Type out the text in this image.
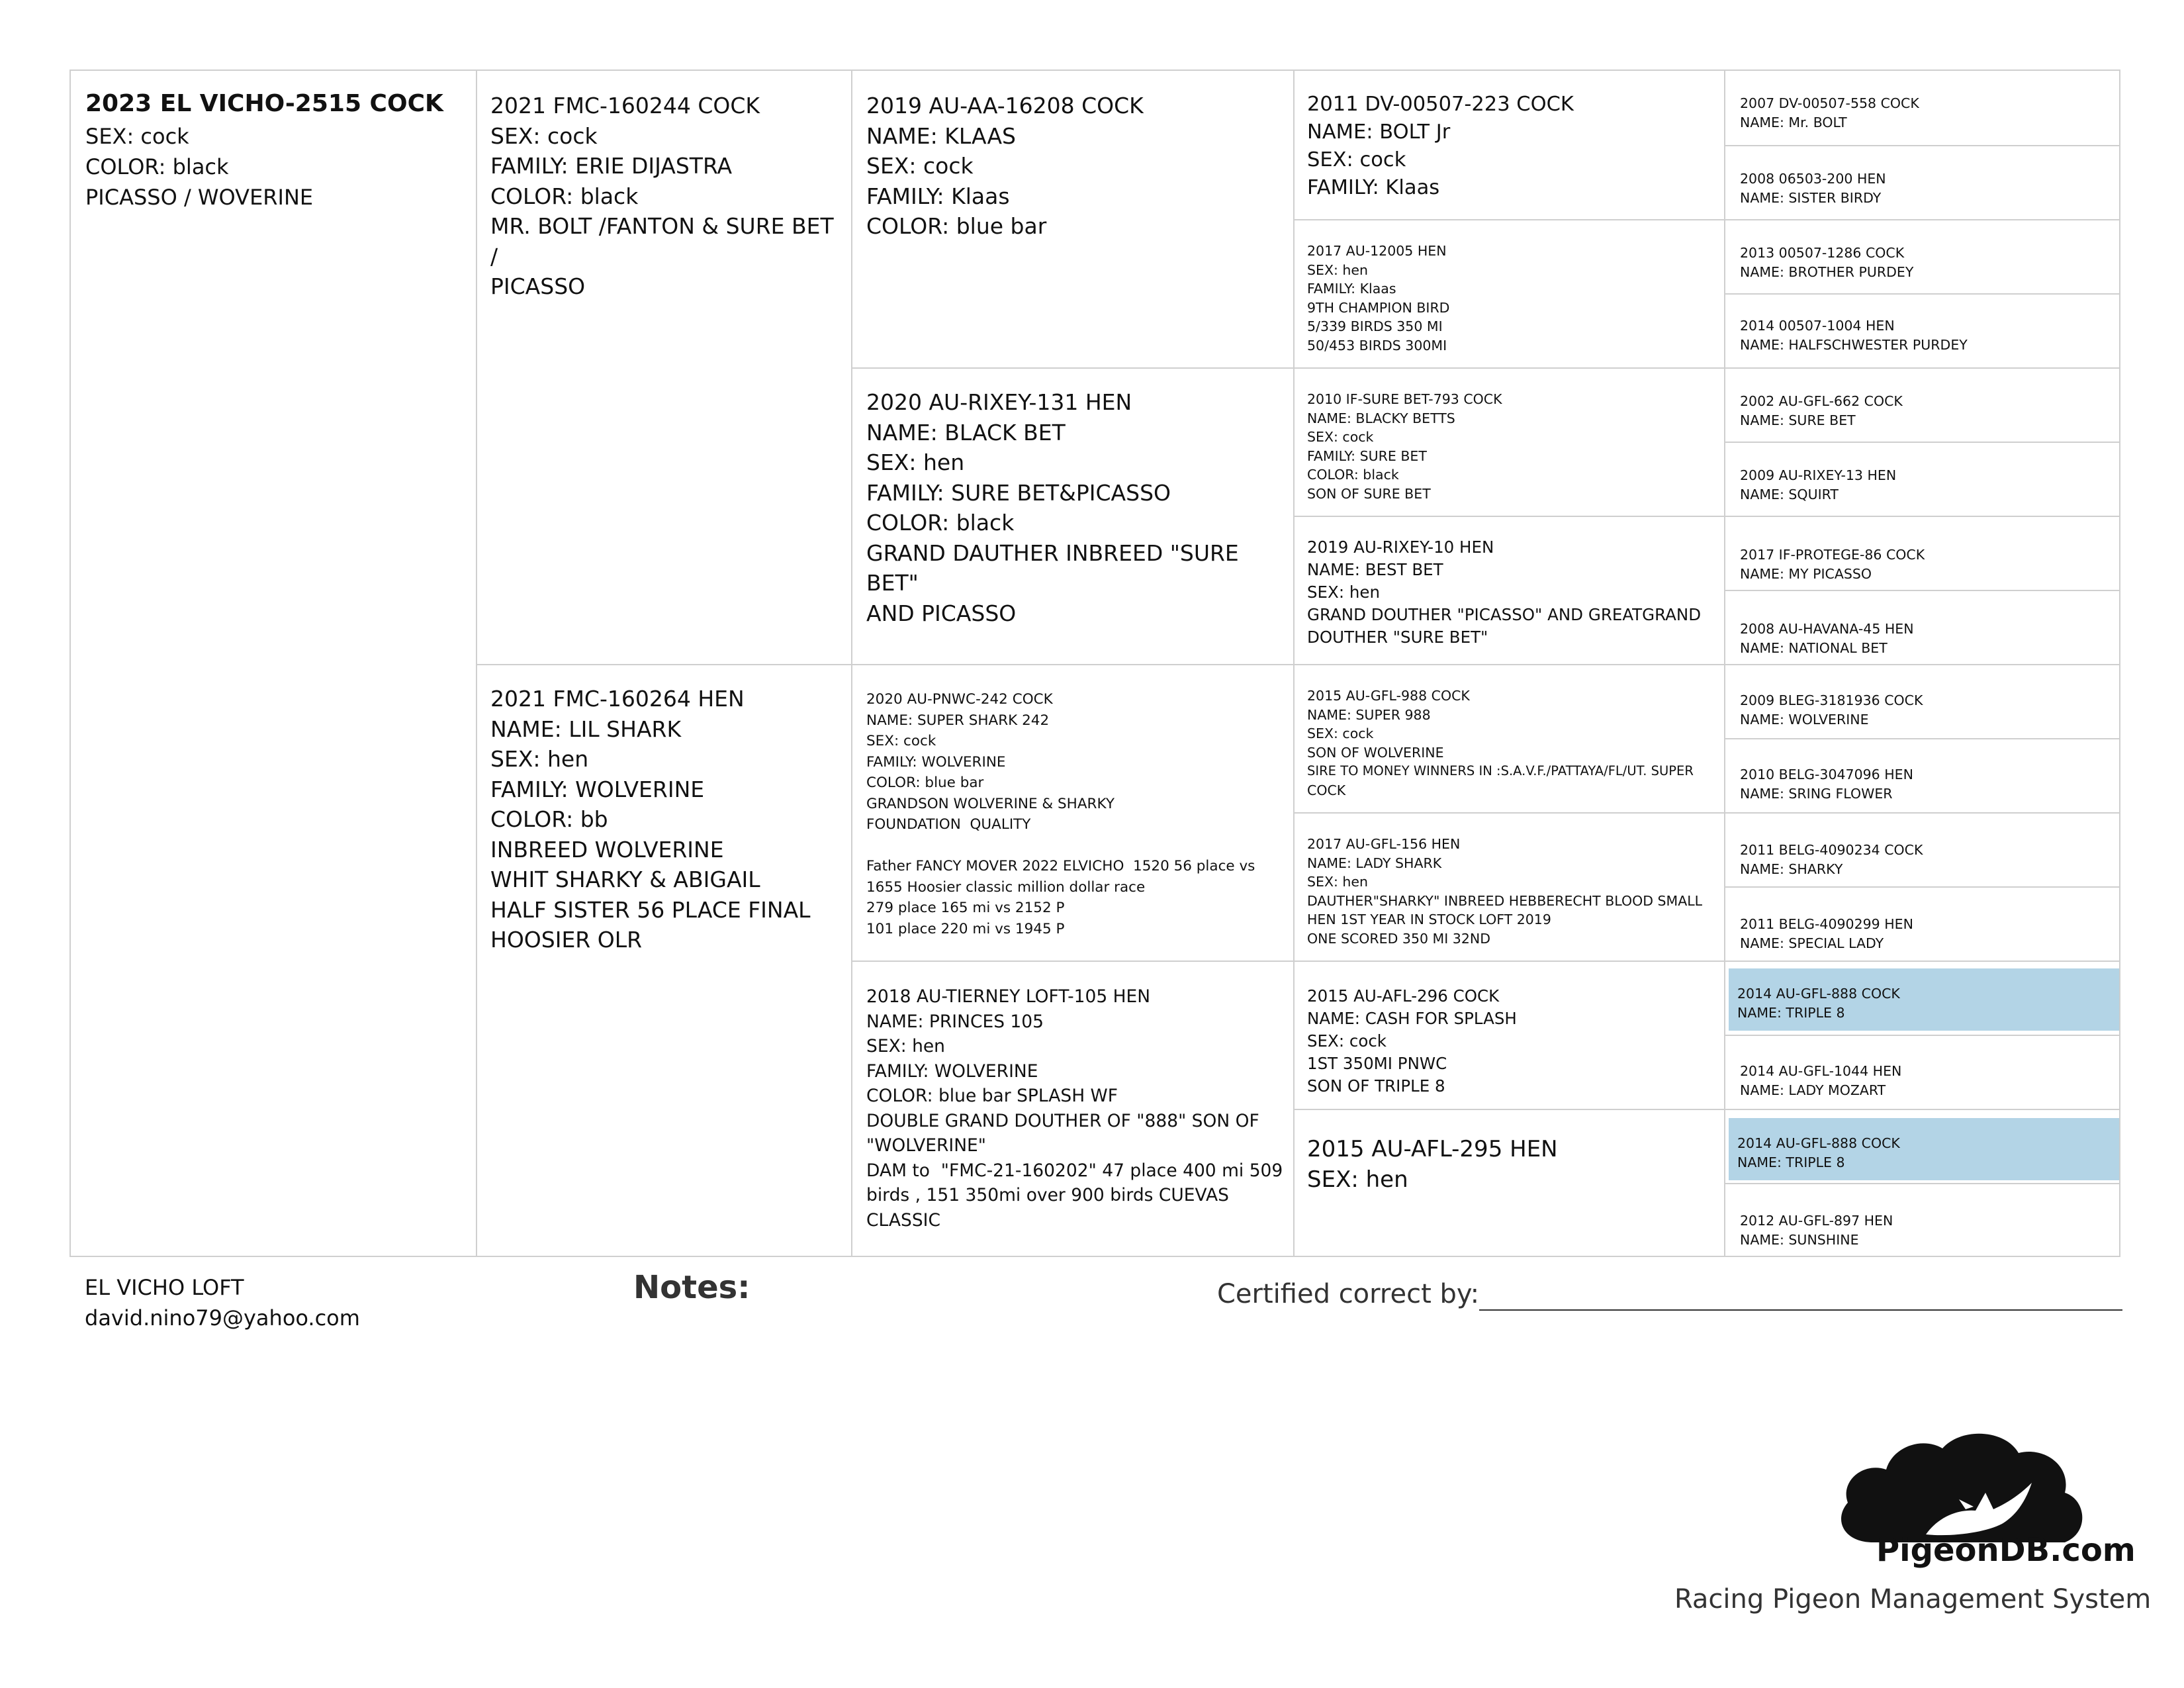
2023 EL VICHO-2515 COCK
SEX: cock
COLOR: black
PICASSO / WOVERINE
2021 FMC-160244 COCK
SEX: cock
FAMILY: ERIE DIJASTRA
COLOR: black
MR. BOLT /FANTON & SURE BET /
PICASSO
2021 FMC-160264 HEN
NAME: LIL SHARK
SEX: hen
FAMILY: WOLVERINE
COLOR: bb
INBREED WOLVERINE
WHIT SHARKY & ABIGAIL
HALF SISTER 56 PLACE FINAL
HOOSIER OLR
2019 AU-AA-16208 COCK
NAME: KLAAS
SEX: cock
FAMILY: Klaas
COLOR: blue bar
2020 AU-RIXEY-131 HEN
NAME: BLACK BET
SEX: hen
FAMILY: SURE BET&PICASSO
COLOR: black
GRAND DAUTHER INBREED "SURE BET"
AND PICASSO
2020 AU-PNWC-242 COCK
NAME: SUPER SHARK 242
SEX: cock
FAMILY: WOLVERINE
COLOR: blue bar
GRANDSON WOLVERINE & SHARKY
FOUNDATION  QUALITY
Father FANCY MOVER 2022 ELVICHO  1520 56 place vs
1655 Hoosier classic million dollar race
279 place 165 mi vs 2152 P
101 place 220 mi vs 1945 P
2018 AU-TIERNEY LOFT-105 HEN
NAME: PRINCES 105
SEX: hen
FAMILY: WOLVERINE
COLOR: blue bar SPLASH WF
DOUBLE GRAND DOUTHER OF "888" SON OF
"WOLVERINE"
DAM to  "FMC-21-160202" 47 place 400 mi 509
birds , 151 350mi over 900 birds CUEVAS
CLASSIC
2011 DV-00507-223 COCK
NAME: BOLT Jr
SEX: cock
FAMILY: Klaas
2017 AU-12005 HEN
SEX: hen
FAMILY: Klaas
9TH CHAMPION BIRD
5/339 BIRDS 350 MI
50/453 BIRDS 300MI
2010 IF-SURE BET-793 COCK
NAME: BLACKY BETTS
SEX: cock
FAMILY: SURE BET
COLOR: black
SON OF SURE BET
2019 AU-RIXEY-10 HEN
NAME: BEST BET
SEX: hen
GRAND DOUTHER "PICASSO" AND GREATGRAND
DOUTHER "SURE BET"
2015 AU-GFL-988 COCK
NAME: SUPER 988
SEX: cock
SON OF WOLVERINE
SIRE TO MONEY WINNERS IN :S.A.V.F./PATTAYA/FL/UT. SUPER
COCK
2017 AU-GFL-156 HEN
NAME: LADY SHARK
SEX: hen
DAUTHER"SHARKY" INBREED HEBBERECHT BLOOD SMALL
HEN 1ST YEAR IN STOCK LOFT 2019
ONE SCORED 350 MI 32ND
2015 AU-AFL-296 COCK
NAME: CASH FOR SPLASH
SEX: cock
1ST 350MI PNWC
SON OF TRIPLE 8
2015 AU-AFL-295 HEN
SEX: hen
2007 DV-00507-558 COCK
NAME: Mr. BOLT
2008 06503-200 HEN
NAME: SISTER BIRDY
2013 00507-1286 COCK
NAME: BROTHER PURDEY
2014 00507-1004 HEN
NAME: HALFSCHWESTER PURDEY
2002 AU-GFL-662 COCK
NAME: SURE BET
2009 AU-RIXEY-13 HEN
NAME: SQUIRT
2017 IF-PROTEGE-86 COCK
NAME: MY PICASSO
2008 AU-HAVANA-45 HEN
NAME: NATIONAL BET
2009 BLEG-3181936 COCK
NAME: WOLVERINE
2010 BELG-3047096 HEN
NAME: SRING FLOWER
2011 BELG-4090234 COCK
NAME: SHARKY
2011 BELG-4090299 HEN
NAME: SPECIAL LADY
2014 AU-GFL-888 COCK
NAME: TRIPLE 8
2014 AU-GFL-1044 HEN
NAME: LADY MOZART
2014 AU-GFL-888 COCK
NAME: TRIPLE 8
2012 AU-GFL-897 HEN
NAME: SUNSHINE
EL VICHO LOFT
david.nino79@yahoo.com
Notes:	Certified correct by:
PigeonDB.com
Racing Pigeon Management System
